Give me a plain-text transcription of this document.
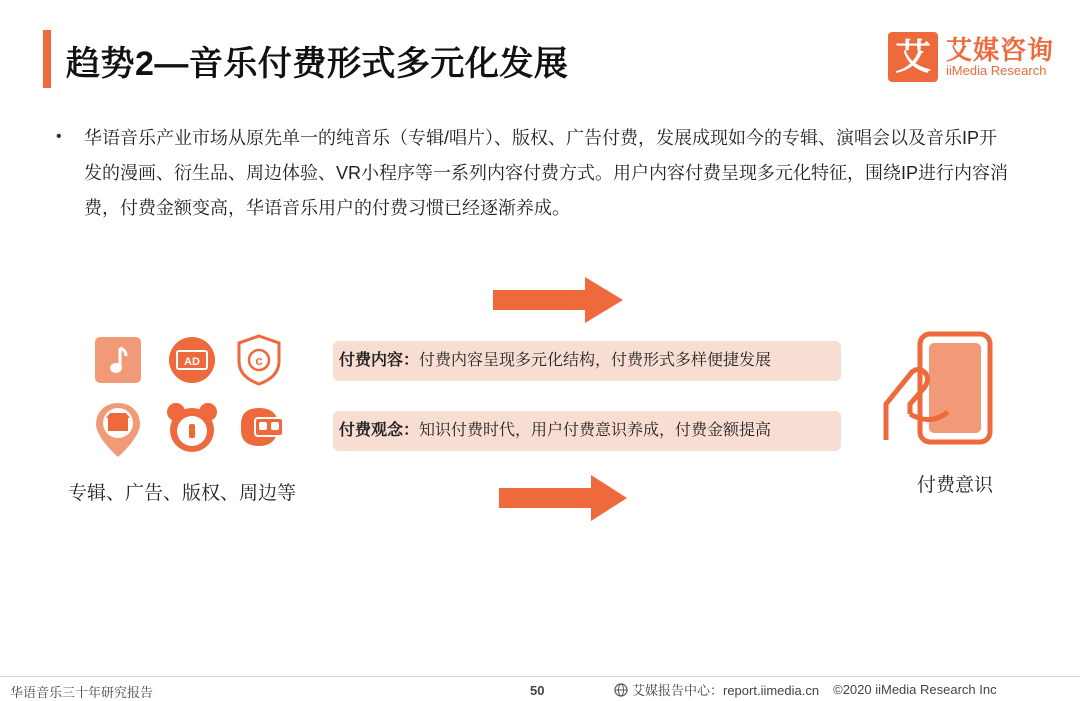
趋势2—音乐付费形式多元化发展	艾 艾媒咨询
iiMedia Research
• 华语音乐产业市场从原先单一的纯音乐（专辑/唱片）、版权、广告付费，发展成现如今的专辑、演唱会以及音乐IP开发的漫画、衍生品、周边体验、VR小程序等一系列内容付费方式。用户内容付费呈现多元化特征，围绕IP进行内容消费，付费金额变高，华语音乐用户的付费习惯已经逐渐养成。
AD	c
专辑、广告、版权、周边等
付费内容：付费内容呈现多元化结构，付费形式多样便捷发展
付费观念：知识付费时代，用户付费意识养成，付费金额提高
付费意识
华语音乐三十年研究报告	50	艾媒报告中心：report.iimedia.cn ©2020 iiMedia Research Inc
